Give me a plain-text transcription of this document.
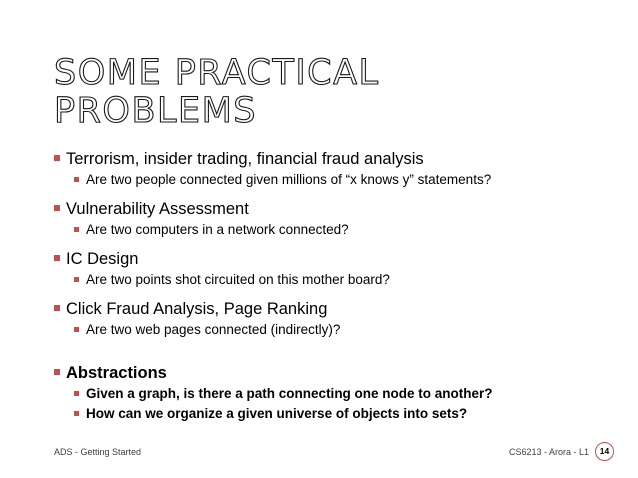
SOME PRACTICAL
PROBLEMS
Terrorism, insider trading, financial fraud analysis
Are two people connected given millions of “x knows y” statements?
Vulnerability Assessment
Are two computers in a network connected?
IC Design
Are two points shot circuited on this mother board?
Click Fraud Analysis, Page Ranking
Are two web pages connected (indirectly)?
Abstractions
Given a graph, is there a path connecting one node to another?
How can we organize a given universe of objects into sets?
ADS - Getting Started	CS6213 - Arora - L1	14
